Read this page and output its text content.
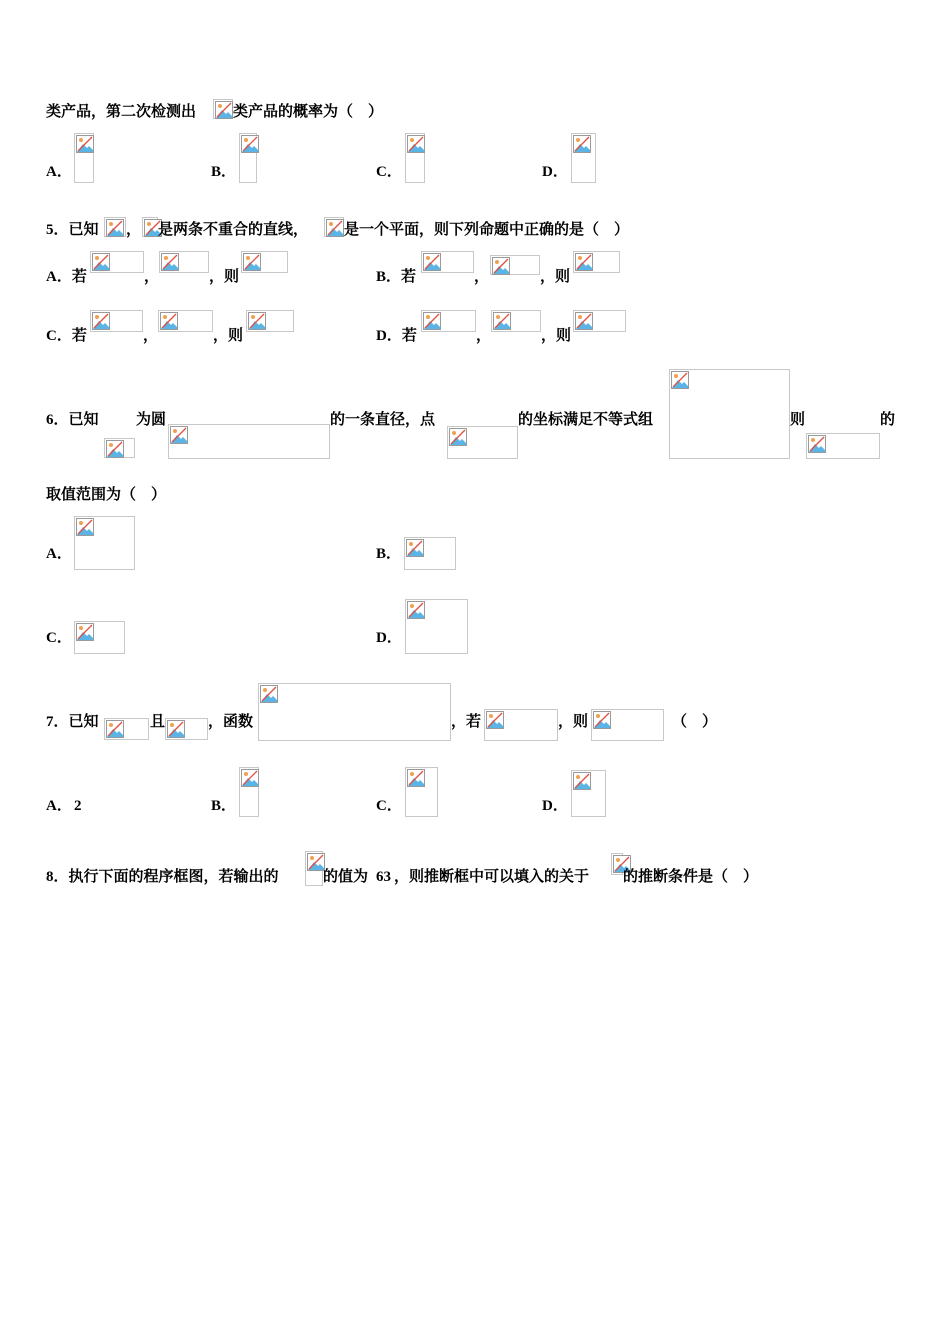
类产品，第二次检测出 类产品的概率为（　）
A．	B．	C．	D．
5．已知 ， 是两条不重合的直线， 是一个平面，则下列命题中正确的是（　）
A．若	，	，则	B．若	，	，则
C．若	，	，则	D．若	，	，则
6．已知 为圆	的一条直径，点	的坐标满足不等式组	则	的
取值范围为（　）
A．	B．
C．	D．
7．已知	且	，函数	，若	，则	（　）
A． 2	B．	C．	D．
8．执行下面的程序框图，若输出的	的值为 63 ，则推断框中可以填入的关于 的推断条件是（　）
